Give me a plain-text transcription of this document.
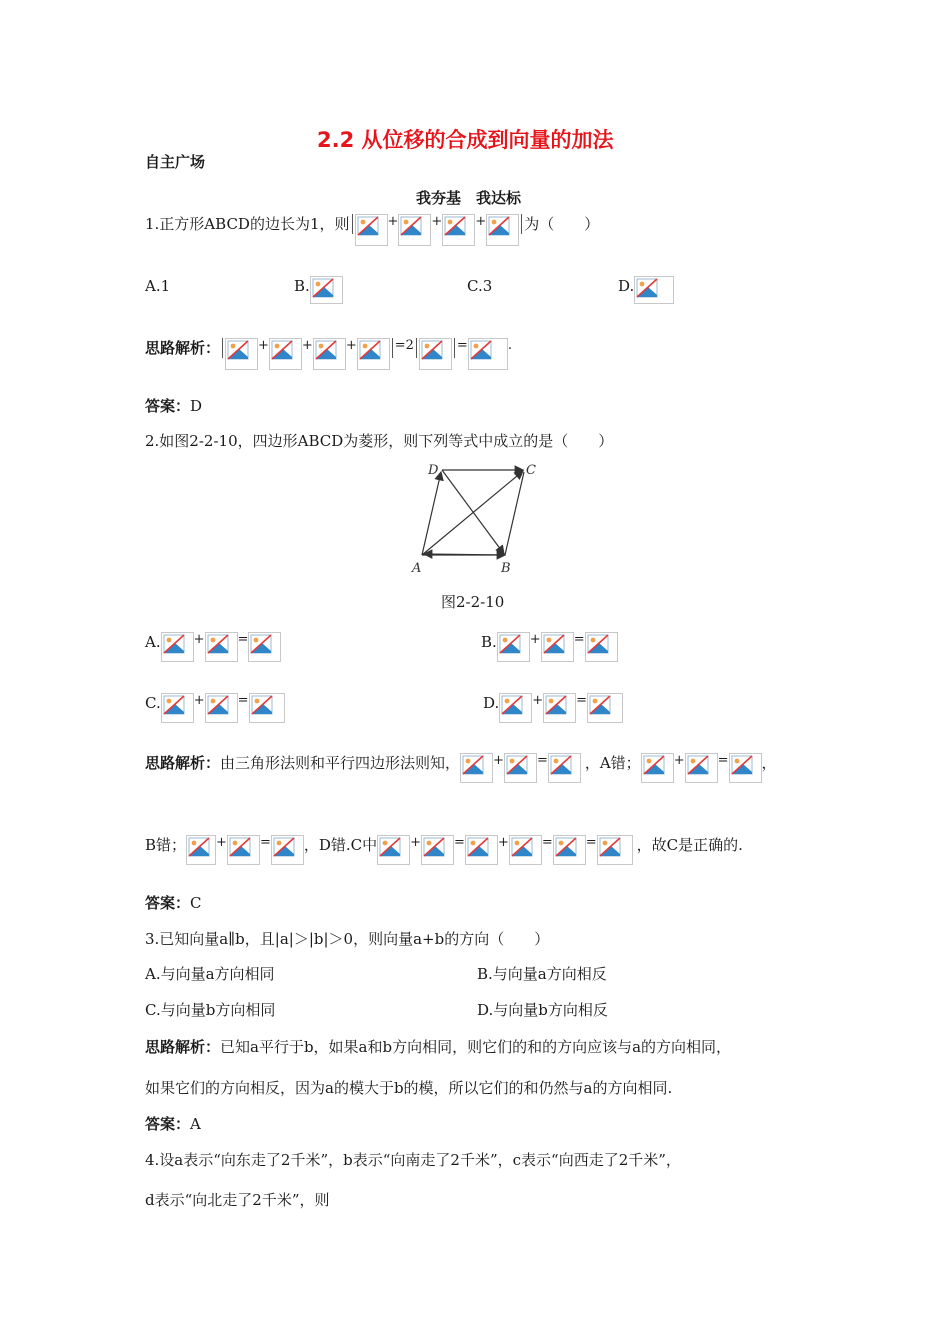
2.2 从位移的合成到向量的加法
自主广场
我夯基　我达标
1.正方形ABCD的边长为1，则	+	+	+	为（　　）
A.1	B.	C.3	D.
思路解析：	+	+	+	=2	=	.
答案： D
2.如图2-2-10，四边形ABCD为菱形，则下列等式中成立的是（　　）
A	B
C
D
图2-2-10
A.	+	=	B.	+	=
C.	+	=	D.	+	=
思路解析： 由三角形法则和平行四边形法则知，	+	= ，A错；	+	= ，
B错； +	= ，D错.C中	+	=	+	=	=	，故C是正确的.
答案： C
3.已知向量a∥b，且|a|＞|b|＞0，则向量a+b的方向（　　）
A.与向量a方向相同	B.与向量a方向相反
C.与向量b方向相同	D.与向量b方向相反
思路解析： 已知a平行于b，如果a和b方向相同，则它们的和的方向应该与a的方向相同，
如果它们的方向相反，因为a的模大于b的模，所以它们的和仍然与a的方向相同.
答案： A
4.设a表示“向东走了2千米”，b表示“向南走了2千米”，c表示“向西走了2千米”，
d表示“向北走了2千米”，则
